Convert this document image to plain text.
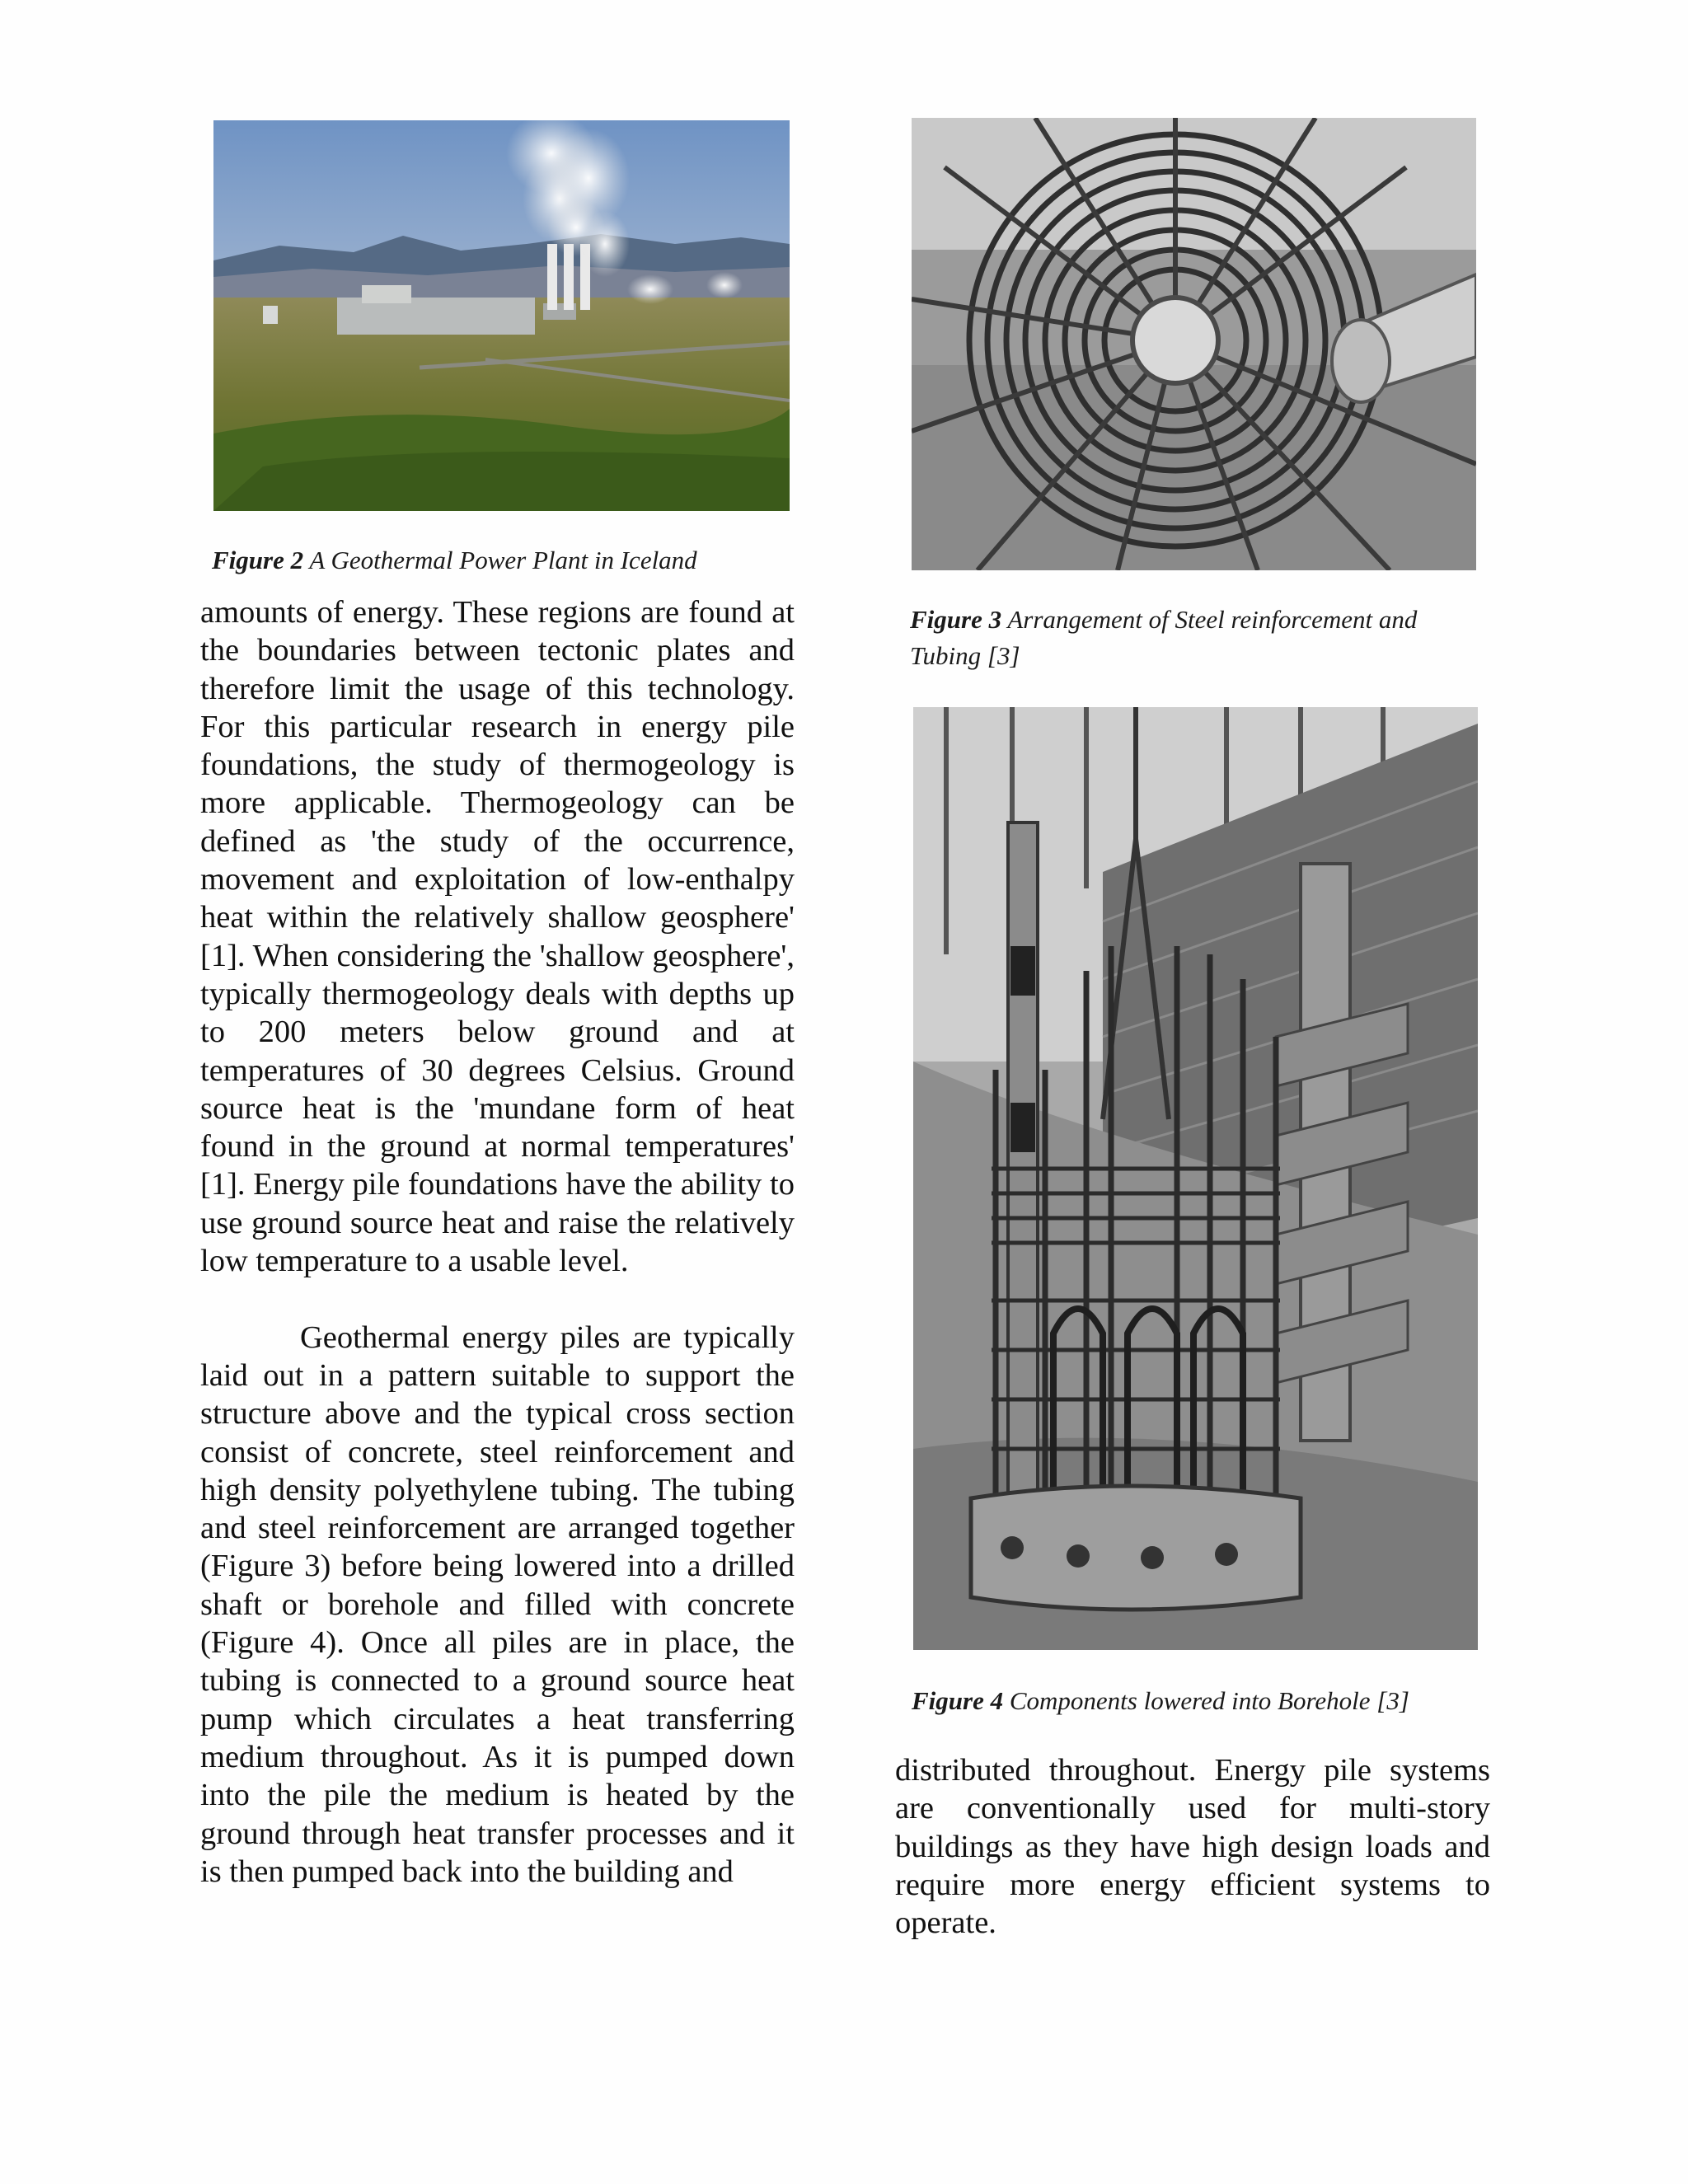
Figure 2 A Geothermal Power Plant in Iceland
Figure 3 Arrangement of Steel reinforcement and
Tubing [3]
Figure 4 Components lowered into Borehole [3]

amounts of energy. These regions are found at the boundaries between tectonic plates and therefore limit the usage of this technology. For this particular research in energy pile foundations, the study of thermogeology is more applicable. Thermogeology can be defined as 'the study of the occurrence, movement and exploitation of low-enthalpy heat within the relatively shallow geosphere' [1]. When considering the 'shallow geosphere', typically thermogeology deals with depths up to 200 meters below ground and at temperatures of 30 degrees Celsius. Ground source heat is the 'mundane form of heat found in the ground at normal temperatures' [1]. Energy pile foundations have the ability to use ground source heat and raise the relatively low temperature to a usable level.

Geothermal energy piles are typically laid out in a pattern suitable to support the structure above and the typical cross section consist of concrete, steel reinforcement and high density polyethylene tubing. The tubing and steel reinforcement are arranged together (Figure 3) before being lowered into a drilled shaft or borehole and filled with concrete (Figure 4). Once all piles are in place, the tubing is connected to a ground source heat pump which circulates a heat transferring medium throughout. As it is pumped down into the pile the medium is heated by the ground through heat transfer processes and it is then pumped back into the building and

distributed throughout. Energy pile systems are conventionally used for multi-story buildings as they have high design loads and require more energy efficient systems to operate.
